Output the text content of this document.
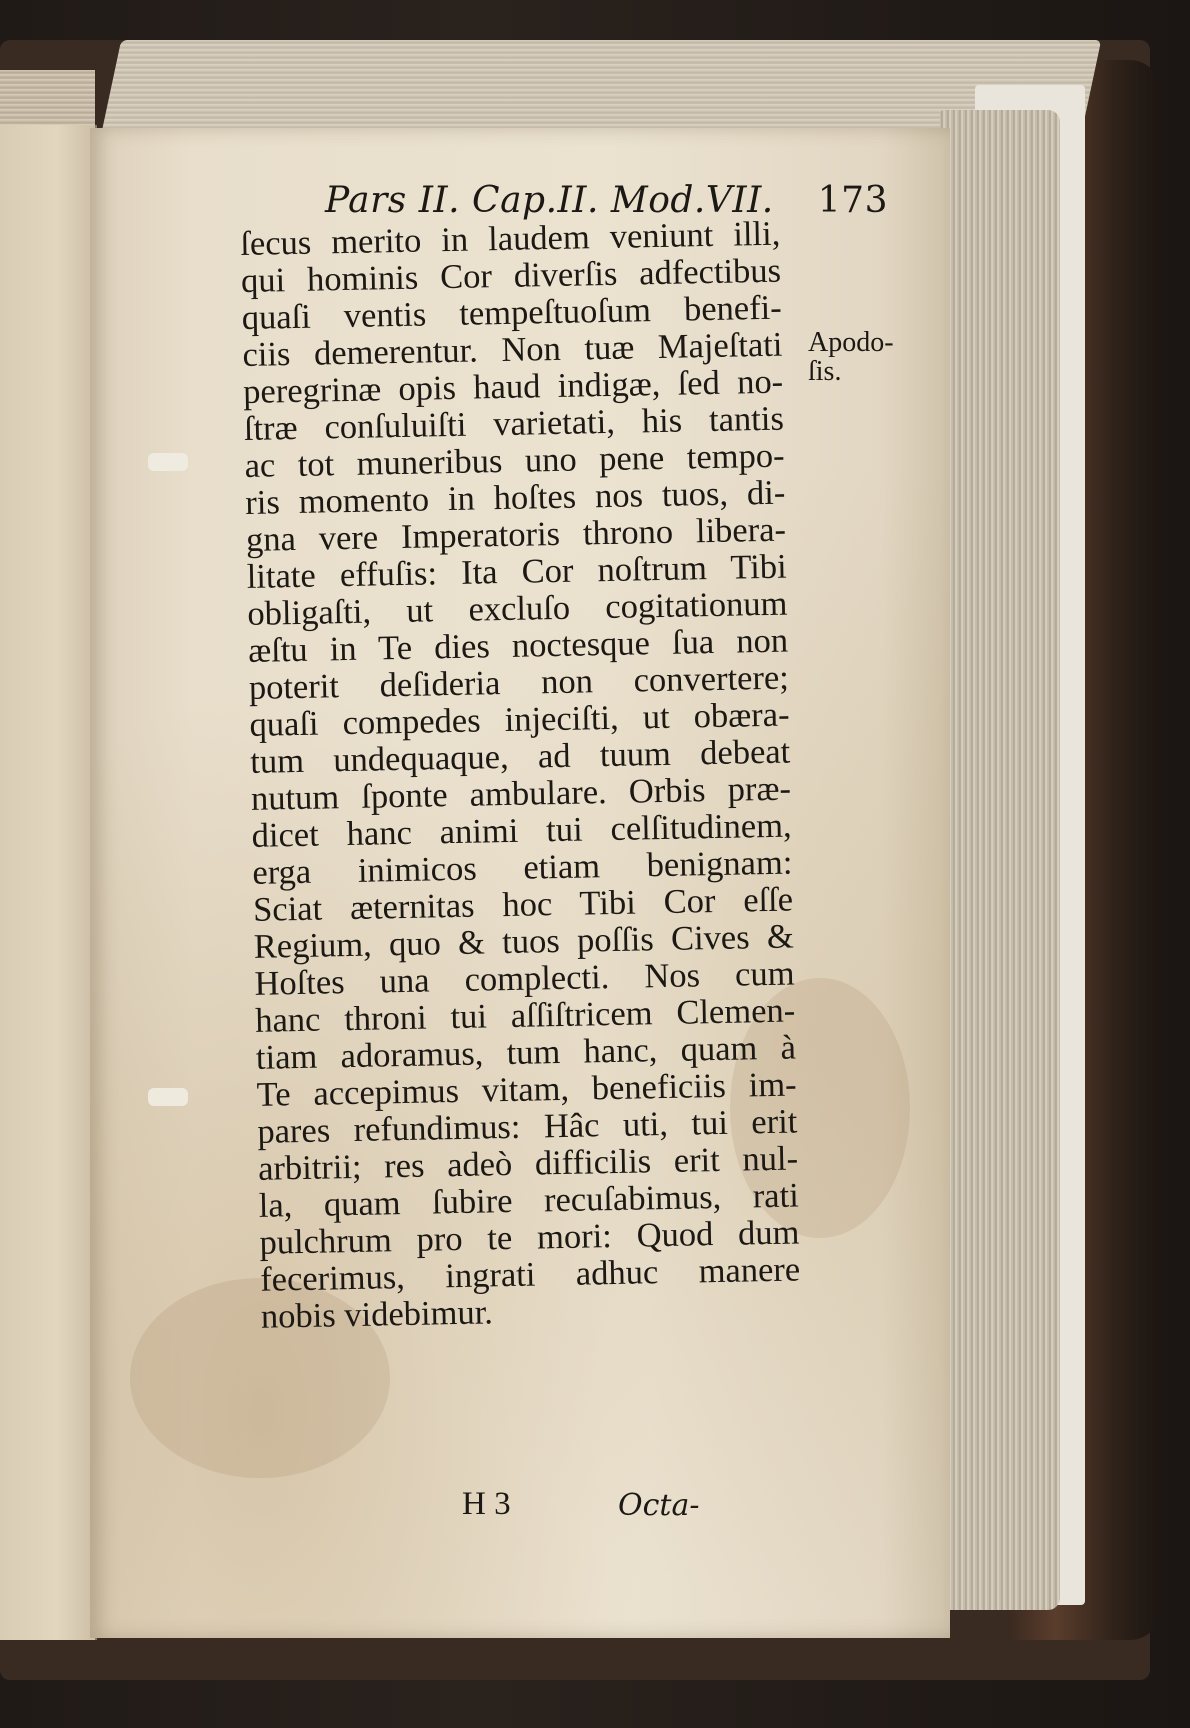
Pars II. Cap.II. Mod.VII. 173
ſecus merito in laudem veniunt illi,
qui hominis Cor diverſis adfectibus
quaſi ventis tempeſtuoſum benefi-
ciis demerentur. Non tuæ Majeſtati
peregrinæ opis haud indigæ, ſed no-
ſtræ conſuluiſti varietati, his tantis
ac tot muneribus uno pene tempo-
ris momento in hoſtes nos tuos, di-
gna vere Imperatoris throno libera-
litate effuſis: Ita Cor noſtrum Tibi
obligaſti, ut excluſo cogitationum
æſtu in Te dies noctesque ſua non
poterit deſideria non convertere;
quaſi compedes injeciſti, ut obæra-
tum undequaque, ad tuum debeat
nutum ſponte ambulare. Orbis præ-
dicet hanc animi tui celſitudinem,
erga inimicos etiam benignam:
Sciat æternitas hoc Tibi Cor eſſe
Regium, quo & tuos poſſis Cives &
Hoſtes una complecti. Nos cum
hanc throni tui aſſiſtricem Clemen-
tiam adoramus, tum hanc, quam à
Te accepimus vitam, beneficiis im-
pares refundimus: Hâc uti, tui erit
arbitrii; res adeò difficilis erit nul-
la, quam ſubire recuſabimus, rati
pulchrum pro te mori: Quod dum
fecerimus, ingrati adhuc manere
nobis videbimur.
Apodo-
ſis.
H 3	Octa-
